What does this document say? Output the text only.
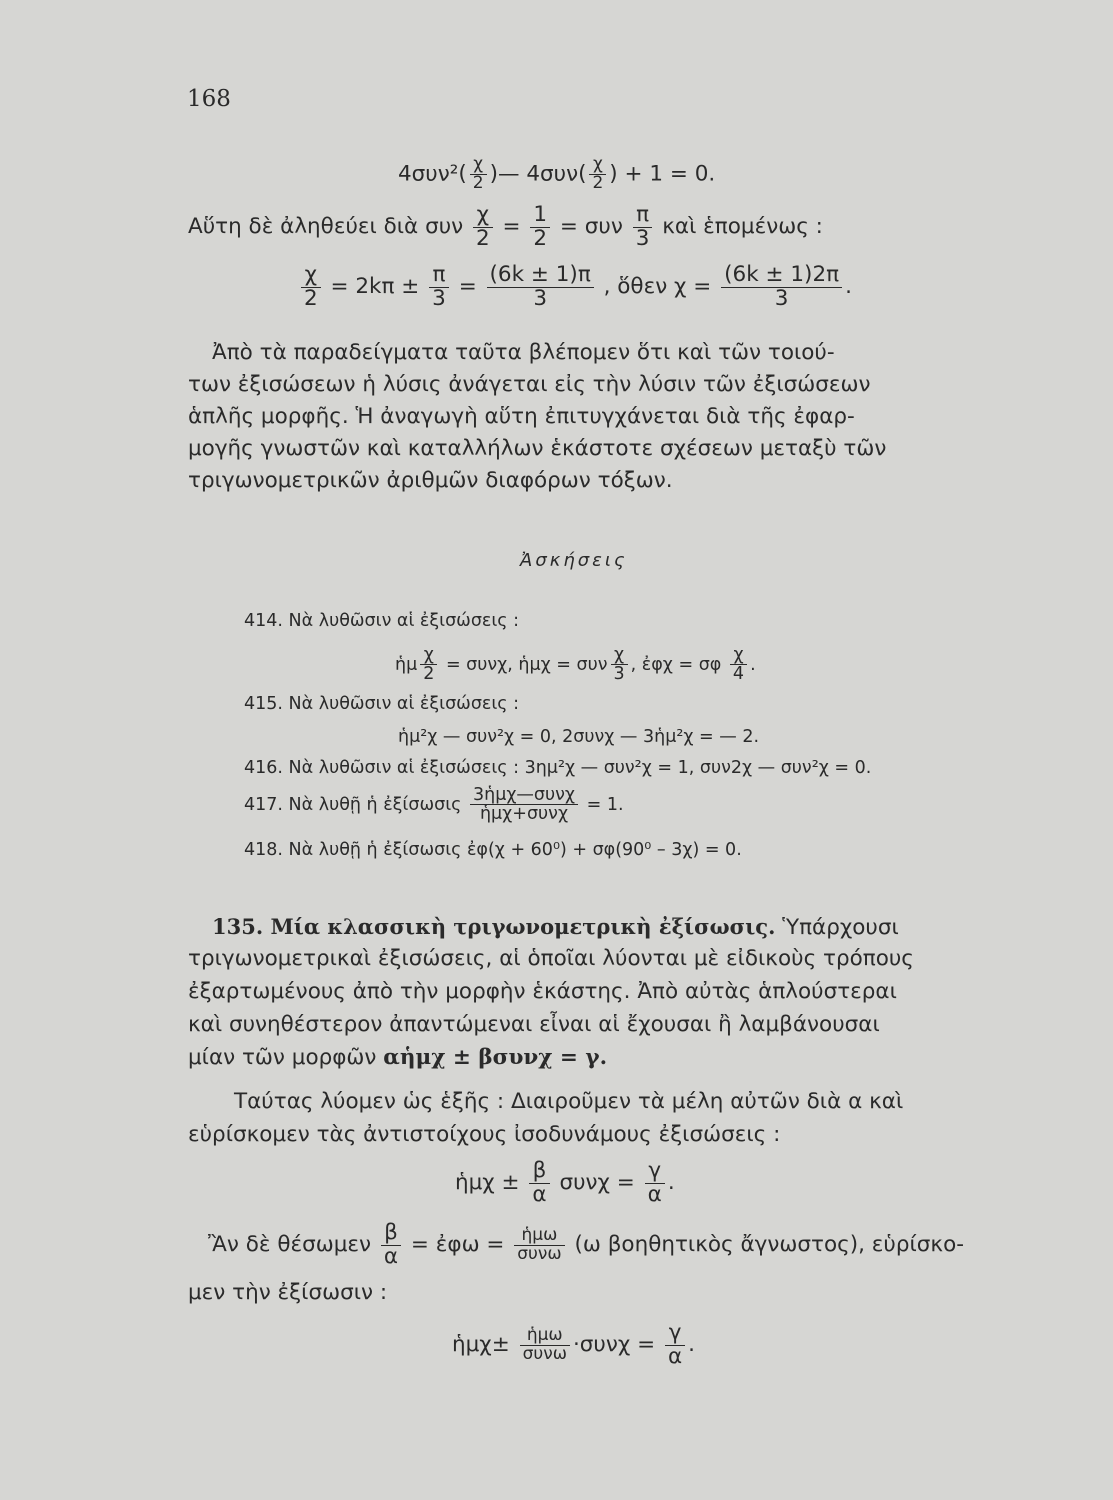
168
$4\sigma\upsilon\nu^2( \frac{\chi}{2}$ )— $4\sigma\upsilon\nu( \frac{\chi}{2}$ ) + 1 = 0.
Αὕτη δὲ ἀληθεύει διὰ συν $\frac{\chi}{2} = \frac{1}{2} = \sigma\upsilon\nu \frac{\pi}{3}$ καὶ ἑπομένως :
$\frac{\chi}{2} = 2k\pi \pm \frac{\pi}{3} = \frac{(6k \pm 1)\pi}{3}$ , ὅθεν $\chi = \frac{(6k \pm 1)2\pi}{3}$ .
Ἀπὸ τὰ παραδείγματα ταῦτα βλέπομεν ὅτι καὶ τῶν τοιού-
των ἐξισώσεων ἡ λύσις ἀνάγεται εἰς τὴν λύσιν τῶν ἐξισώσεων
ἁπλῆς μορφῆς. Ἡ ἀναγωγὴ αὕτη ἐπιτυγχάνεται διὰ τῆς ἐφαρ-
μογῆς γνωστῶν καὶ καταλλήλων ἑκάστοτε σχέσεων μεταξὺ τῶν
τριγωνομετρικῶν ἀριθμῶν διαφόρων τόξων.
Ἀσκήσεις
414. Νὰ λυθῶσιν αἱ ἐξισώσεις :
ἡμ $\frac{\chi}{2} = \sigma\upsilon\nu\chi$, ἡμχ = συν $\frac{\chi}{3}$ , ἐφχ = σφ $\frac{\chi}{4}$ .
415. Νὰ λυθῶσιν αἱ ἐξισώσεις :
ἡμ²χ — συν²χ = 0, 2συνχ — 3ἡμ²χ = — 2.
416. Νὰ λυθῶσιν αἱ ἐξισώσεις : 3ημ²χ — συν²χ = 1, συν2χ — συν²χ = 0.
417. Νὰ λυθῇ ἡ ἐξίσωσις $\frac{\text{3ἡμχ—συνχ}}{\text{ἡμχ+συνχ}} = 1$.
418. Νὰ λυθῇ ἡ ἐξίσωσις ἐφ(χ + 60⁰) + σφ(90⁰ – 3χ) = 0.
135. Μία κλασσικὴ τριγωνομετρικὴ ἐξίσωσις. Ὑπάρχουσι
τριγωνομετρικαὶ ἐξισώσεις, αἱ ὁποῖαι λύονται μὲ εἰδικοὺς τρόπους
ἐξαρτωμένους ἀπὸ τὴν μορφὴν ἑκάστης. Ἀπὸ αὐτὰς ἁπλούστεραι
καὶ συνηθέστερον ἀπαντώμεναι εἶναι αἱ ἔχουσαι ἢ λαμβάνουσαι
μίαν τῶν μορφῶν αἡμχ ± βσυνχ = γ.
Ταύτας λύομεν ὡς ἑξῆς : Διαιροῦμεν τὰ μέλη αὐτῶν διὰ α καὶ
εὑρίσκομεν τὰς ἀντιστοίχους ἰσοδυνάμους ἐξισώσεις :
ἡμχ ± $\frac{\beta}{\alpha}$ $\sigma\upsilon\nu\chi = \frac{\gamma}{\alpha}$ .
Ἂν δὲ θέσωμεν $\frac{\beta}{\alpha}$ = ἐφω = $\frac{\text{ἡμω}}{\text{συνω}} (\omega$ βοηθητικὸς ἄγνωστος), εὑρίσκο-
μεν τὴν ἐξίσωσιν :
ἡμχ± $\frac{\text{ἡμω}}{\text{συνω}} \cdot\sigma\upsilon\nu\chi = \frac{\gamma}{\alpha}$ .
